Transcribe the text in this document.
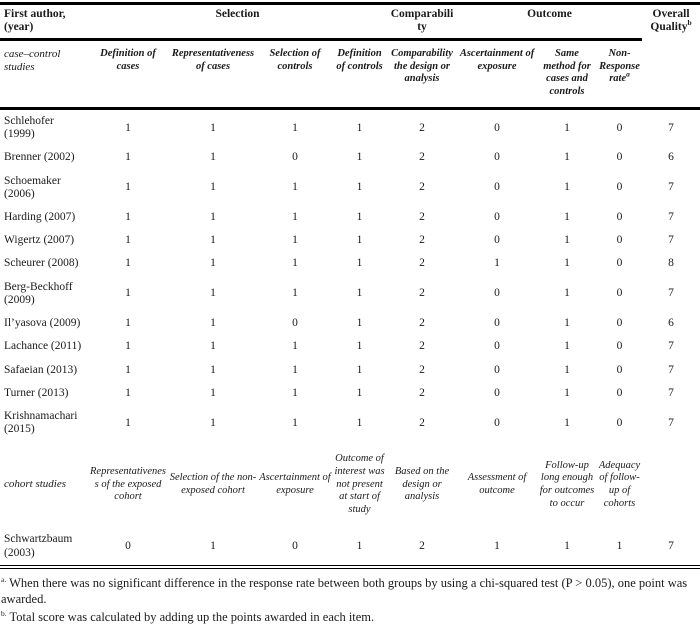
First author, (year)	Selection				Comparability	Outcome			Overall Quality$^b$
case–control studies	Definition of cases	Representativeness of cases	Selection of controls	Definition of controls	Comparability the design or analysis	Ascertainment of exposure	Same method for cases and controls	Non-Response rate$^a$
Schlehofer (1999)	1	1	1	1	2	0	1	0	7
Brenner (2002)	1	1	0	1	2	0	1	0	6
Schoemaker (2006)	1	1	1	1	2	0	1	0	7
Harding (2007)	1	1	1	1	2	0	1	0	7
Wigertz (2007)	1	1	1	1	2	0	1	0	7
Scheurer (2008)	1	1	1	1	2	1	1	0	8
Berg-Beckhoff (2009)	1	1	1	1	2	0	1	0	7
Il’yasova (2009)	1	1	0	1	2	0	1	0	6
Lachance (2011)	1	1	1	1	2	0	1	0	7
Safaeian (2013)	1	1	1	1	2	0	1	0	7
Turner (2013)	1	1	1	1	2	0	1	0	7
Krishnamachari (2015)	1	1	1	1	2	0	1	0	7
cohort studies	Representativeness of the exposed cohort	Selection of the non-exposed cohort	Ascertainment of exposure	Outcome of interest was not present at start of study	Based on the design or analysis	Assessment of outcome	Follow-up long enough for outcomes to occur	Adequacy of follow-up of cohorts	
Schwartzbaum (2003)	0	1	0	1	2	1	1	1	7

$^{a.}$ When there was no significant difference in the response rate between both groups by using a chi-squared test (P > 0.05), one point was awarded.

$^{b.}$ Total score was calculated by adding up the points awarded in each item.
